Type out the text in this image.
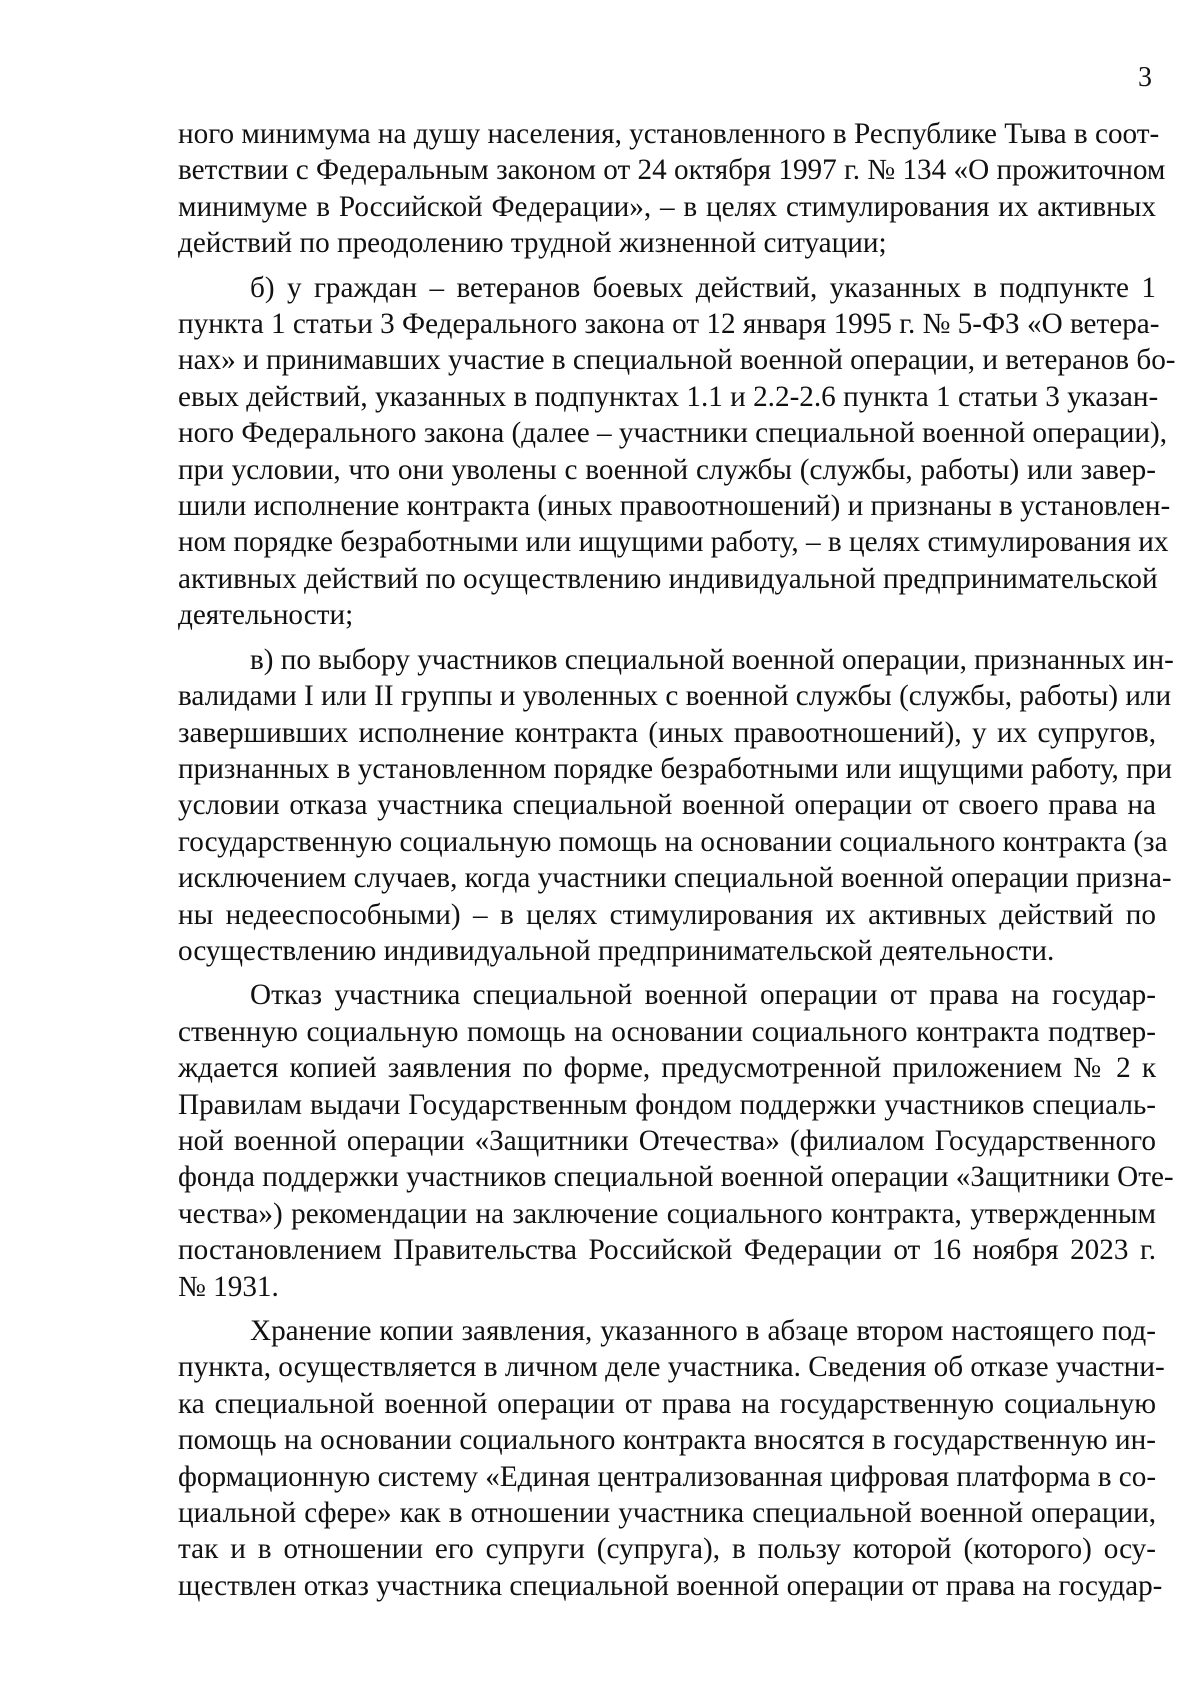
3
ного минимума на душу населения, установленного в Республике Тыва в соот-
ветствии с Федеральным законом от 24 октября 1997 г. № 134 «О прожиточном
минимуме в Российской Федерации», – в целях стимулирования их активных
действий по преодолению трудной жизненной ситуации;
б) у граждан – ветеранов боевых действий, указанных в подпункте 1
пункта 1 статьи 3 Федерального закона от 12 января 1995 г. № 5-ФЗ «О ветера-
нах» и принимавших участие в специальной военной операции, и ветеранов бо-
евых действий, указанных в подпунктах 1.1 и 2.2-2.6 пункта 1 статьи 3 указан-
ного Федерального закона (далее – участники специальной военной операции),
при условии, что они уволены с военной службы (службы, работы) или завер-
шили исполнение контракта (иных правоотношений) и признаны в установлен-
ном порядке безработными или ищущими работу, – в целях стимулирования их
активных действий по осуществлению индивидуальной предпринимательской
деятельности;
в) по выбору участников специальной военной операции, признанных ин-
валидами I или II группы и уволенных с военной службы (службы, работы) или
завершивших исполнение контракта (иных правоотношений), у их супругов,
признанных в установленном порядке безработными или ищущими работу, при
условии отказа участника специальной военной операции от своего права на
государственную социальную помощь на основании социального контракта (за
исключением случаев, когда участники специальной военной операции призна-
ны недееспособными) – в целях стимулирования их активных действий по
осуществлению индивидуальной предпринимательской деятельности.
Отказ участника специальной военной операции от права на государ-
ственную социальную помощь на основании социального контракта подтвер-
ждается копией заявления по форме, предусмотренной приложением № 2 к
Правилам выдачи Государственным фондом поддержки участников специаль-
ной военной операции «Защитники Отечества» (филиалом Государственного
фонда поддержки участников специальной военной операции «Защитники Оте-
чества») рекомендации на заключение социального контракта, утвержденным
постановлением Правительства Российской Федерации от 16 ноября 2023 г.
№ 1931.
Хранение копии заявления, указанного в абзаце втором настоящего под-
пункта, осуществляется в личном деле участника. Сведения об отказе участни-
ка специальной военной операции от права на государственную социальную
помощь на основании социального контракта вносятся в государственную ин-
формационную систему «Единая централизованная цифровая платформа в со-
циальной сфере» как в отношении участника специальной военной операции,
так и в отношении его супруги (супруга), в пользу которой (которого) осу-
ществлен отказ участника специальной военной операции от права на государ-
